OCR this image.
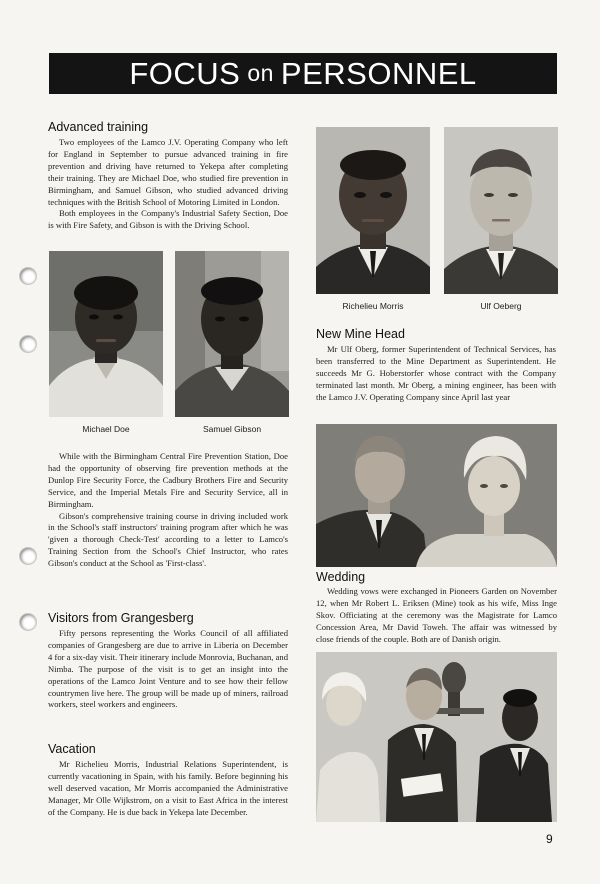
FOCUS on PERSONNEL
Advanced training

Two employees of the Lamco J.V. Operating Company who left for England in September to pursue advanced training in fire prevention and driving have returned to Yekepa after completing their training. They are Michael Doe, who studied fire prevention in Birmingham, and Samuel Gibson, who studied advanced driving techniques with the British School of Motoring Limited in London.

Both employees in the Company's Industrial Safety Section, Doe is with Fire Safety, and Gibson is with the Driving School.

Michael Doe	Samuel Gibson

While with the Birmingham Central Fire Prevention Station, Doe had the opportunity of observing fire prevention methods at the Dunlop Fire Security Force, the Cadbury Brothers Fire and Security Service, and the Imperial Metals Fire and Security Service, all in Birmingham.

Gibson's comprehensive training course in driving included work in the School's staff instructors' training program after which he was 'given a thorough Check-Test' according to a letter to Lamco's Training Section from the School's Chief Instructor, who rates Gibson's conduct at the School as 'First-class'.

Visitors from Grangesberg

Fifty persons representing the Works Council of all affiliated companies of Grangesberg are due to arrive in Liberia on December 4 for a six-day visit. Their itinerary include Monrovia, Buchanan, and Nimba. The purpose of the visit is to get an insight into the operations of the Lamco Joint Venture and to see how their fellow countrymen live here. The group will be made up of miners, railroad workers, steel workers and engineers.

Vacation

Mr Richelieu Morris, Industrial Relations Superintendent, is currently vacationing in Spain, with his family. Before beginning his well deserved vacation, Mr Morris accompanied the Administrative Manager, Mr Olle Wijkstrom, on a visit to East Africa in the interest of the Company. He is due back in Yekepa late December.

Richelieu Morris	Ulf Oeberg

New Mine Head

Mr Ulf Oberg, former Superintendent of Technical Services, has been transferred to the Mine Department as Superintendent. He succeeds Mr G. Hoberstorfer whose contract with the Company terminated last month. Mr Oberg, a mining engineer, has been with the Lamco J.V. Operating Company since April last year

Wedding

Wedding vows were exchanged in Pioneers Garden on November 12, when Mr Robert L. Eriksen (Mine) took as his wife, Miss Inge Skov. Officiating at the ceremony was the Magistrate for Lamco Concession Area, Mr David Toweh. The affair was witnessed by close friends of the couple. Both are of Danish origin.

9
